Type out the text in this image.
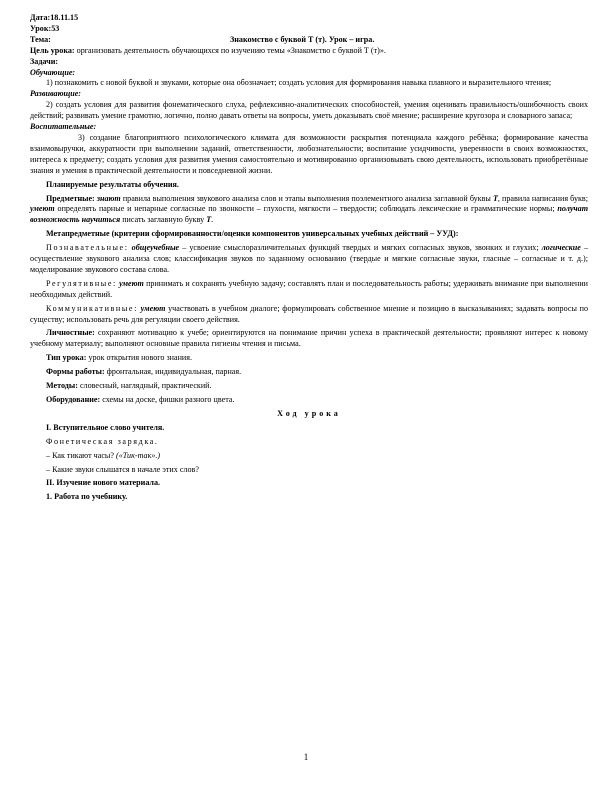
Дата:18.11.15

Урок:53

Тема:	Знакомство с буквой Т (т). Урок – игра.

Цель урока: организовать деятельность обучающихся по изучению темы «Знакомство с буквой Т (т)».

Задачи:

Обучающие:

1) познакомить с новой буквой и звуками, которые она обозначает; создать условия для формирования навыка плавного и выразительного чтения;

Развивающие:

2) создать условия для развития фонематического слуха, рефлексивно-аналитических способностей, умения оценивать правильность/ошибочность своих действий; развивать умение грамотно, логично, полно давать ответы на вопросы, уметь доказывать своё мнение; расширение кругозора и словарного запаса;

Воспитательные:

3) создание благоприятного психологического климата для возможности раскрытия потенциала каждого ребёнка; формирование качества взаимовыручки, аккуратности при выполнении заданий, ответственности, любознательности; воспитание усидчивости, уверенности в своих возможностях, интереса к предмету; создать условия для развития умения самостоятельно и мотивированно организовывать свою деятельность, использовать приобретённые знания и умения в практической деятельности и повседневной жизни.

Планируемые результаты обучения.

Предметные: знают правила выполнения звукового анализа слов и этапы выполнения поэлементного анализа заглавной буквы Т, правила написания букв; умеют определять парные и непарные согласные по звонкости – глухости, мягкости – твердости; соблюдать лексические и грамматические нормы; получат возможность научиться писать заглавную букву Т.

Метапредметные (критерии сформированности/оценки компонентов универсальных учебных действий – УУД):

Познавательные: общеучебные – усвоение смыслоразличительных функций твердых и мягких согласных звуков, звонких и глухих; логические – осуществление звукового анализа слов; классификация звуков по заданному основанию (твердые и мягкие согласные звуки, гласные – согласные и т. д.); моделирование звукового состава слова.

Регулятивные: умеют принимать и сохранять учебную задачу; составлять план и последовательность работы; удерживать внимание при выполнении необходимых действий.

Коммуникативные: умеют участвовать в учебном диалоге; формулировать собственное мнение и позицию в высказываниях; задавать вопросы по существу; использовать речь для регуляции своего действия.

Личностные: сохраняют мотивацию к учебе; ориентируются на понимание причин успеха в практической деятельности; проявляют интерес к новому учебному материалу; выполняют основные правила гигиены чтения и письма.

Тип урока: урок открытия нового знания.

Формы работы: фронтальная, индивидуальная, парная.

Методы: словесный, наглядный, практический.

Оборудование: схемы на доске, фишки разного цвета.

Ход урока

I. Вступительное слово учителя.

Фонетическая зарядка.

– Как тикают часы? («Тик-так».)

– Какие звуки слышатся в начале этих слов?

II. Изучение нового материала.

1. Работа по учебнику.

1
